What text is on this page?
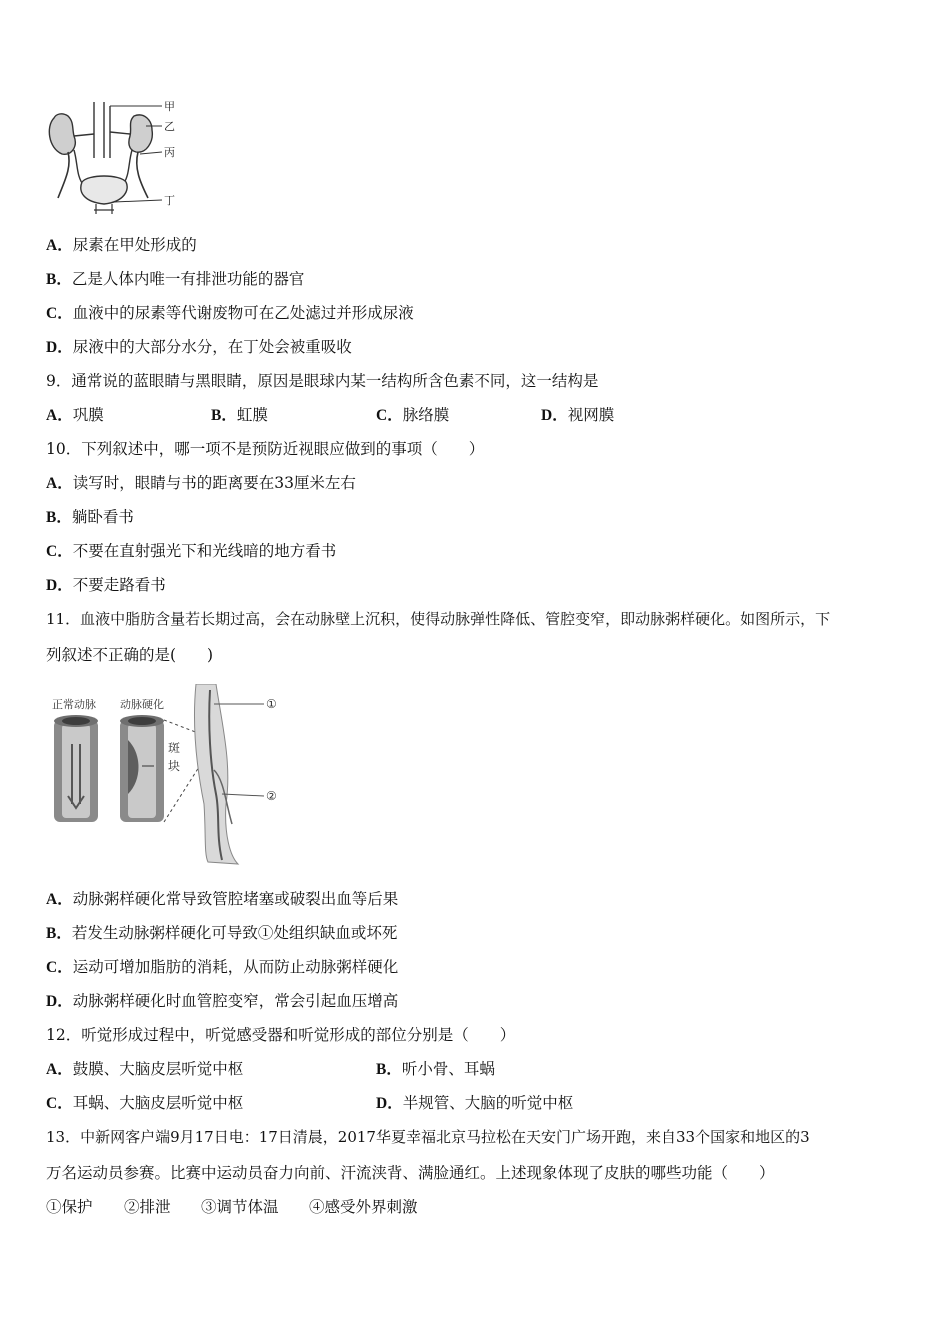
甲
乙
丙
丁
A．尿素在甲处形成的
B．乙是人体内唯一有排泄功能的器官
C．血液中的尿素等代谢废物可在乙处滤过并形成尿液
D．尿液中的大部分水分，在丁处会被重吸收
9．通常说的蓝眼睛与黑眼睛，原因是眼球内某一结构所含色素不同，这一结构是
A．巩膜	B．虹膜	C．脉络膜	D．视网膜
10．下列叙述中，哪一项不是预防近视眼应做到的事项（　　）
A．读写时，眼睛与书的距离要在33厘米左右
B．躺卧看书
C．不要在直射强光下和光线暗的地方看书
D．不要走路看书
11．血液中脂肪含量若长期过高，会在动脉壁上沉积，使得动脉弹性降低、管腔变窄，即动脉粥样硬化。如图所示，下
列叙述不正确的是(　　)
正常动脉 动脉硬化
斑
块
①
②
A．动脉粥样硬化常导致管腔堵塞或破裂出血等后果
B．若发生动脉粥样硬化可导致①处组织缺血或坏死
C．运动可增加脂肪的消耗，从而防止动脉粥样硬化
D．动脉粥样硬化时血管腔变窄，常会引起血压增高
12．听觉形成过程中，听觉感受器和听觉形成的部位分别是（　　）
A．鼓膜、大脑皮层听觉中枢	B．听小骨、耳蜗
C．耳蜗、大脑皮层听觉中枢	D．半规管、大脑的听觉中枢
13．中新网客户端9月17日电：17日清晨，2017华夏幸福北京马拉松在天安门广场开跑，来自33个国家和地区的3
万名运动员参赛。比赛中运动员奋力向前、汗流浃背、满脸通红。上述现象体现了皮肤的哪些功能（　　）
①保护 ②排泄 ③调节体温 ④感受外界刺激
